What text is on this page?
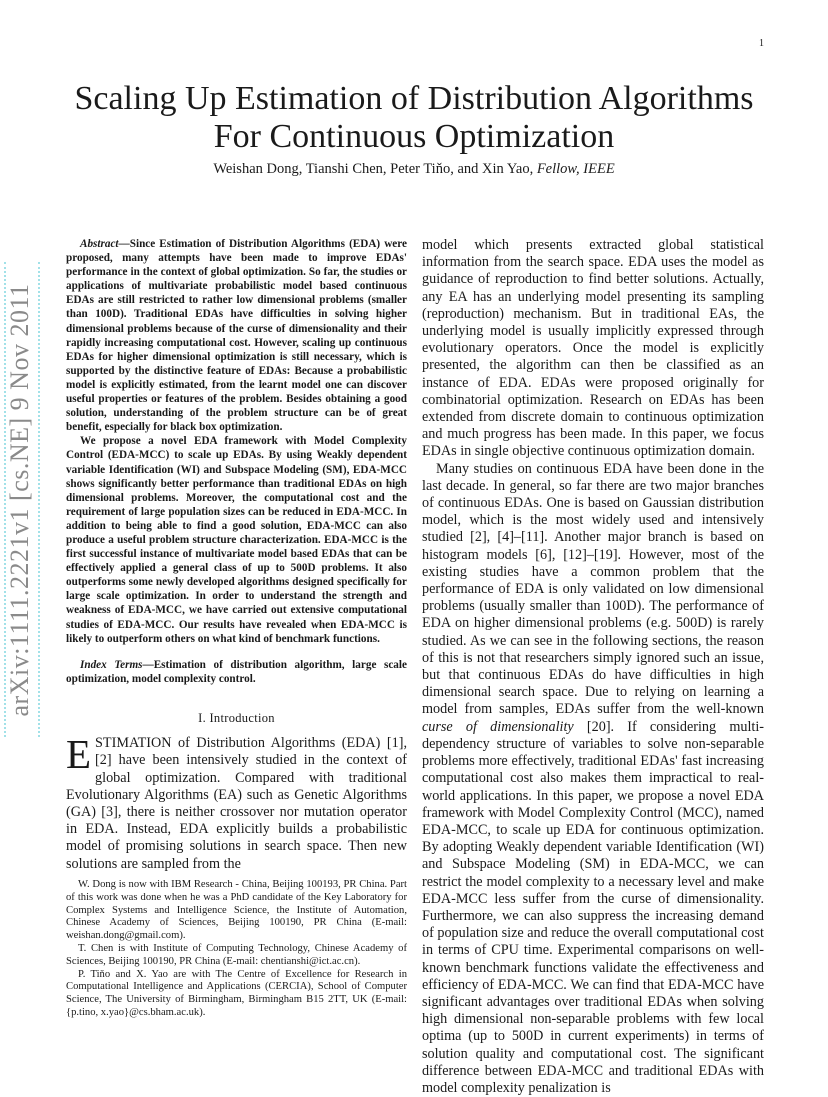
1
arXiv:1111.2221v1 [cs.NE] 9 Nov 2011
Scaling Up Estimation of Distribution Algorithms
For Continuous Optimization
Weishan Dong, Tianshi Chen, Peter Tiňo, and Xin Yao, Fellow, IEEE

Abstract—Since Estimation of Distribution Algorithms (EDA) were proposed, many attempts have been made to improve EDAs' performance in the context of global optimization. So far, the studies or applications of multivariate probabilistic model based continuous EDAs are still restricted to rather low dimensional problems (smaller than 100D). Traditional EDAs have difficulties in solving higher dimensional problems because of the curse of dimensionality and their rapidly increasing computational cost. However, scaling up continuous EDAs for higher dimensional optimization is still necessary, which is supported by the distinctive feature of EDAs: Because a probabilistic model is explicitly estimated, from the learnt model one can discover useful properties or features of the problem. Besides obtaining a good solution, understanding of the problem structure can be of great benefit, especially for black box optimization.

We propose a novel EDA framework with Model Complexity Control (EDA-MCC) to scale up EDAs. By using Weakly dependent variable Identification (WI) and Subspace Modeling (SM), EDA-MCC shows significantly better performance than traditional EDAs on high dimensional problems. Moreover, the computational cost and the requirement of large population sizes can be reduced in EDA-MCC. In addition to being able to find a good solution, EDA-MCC can also produce a useful problem structure characterization. EDA-MCC is the first successful instance of multivariate model based EDAs that can be effectively applied a general class of up to 500D problems. It also outperforms some newly developed algorithms designed specifically for large scale optimization. In order to understand the strength and weakness of EDA-MCC, we have carried out extensive computational studies of EDA-MCC. Our results have revealed when EDA-MCC is likely to outperform others on what kind of benchmark functions.

Index Terms—Estimation of distribution algorithm, large scale optimization, model complexity control.

I. Introduction

ESTIMATION of Distribution Algorithms (EDA) [1], [2] have been intensively studied in the context of global optimization. Compared with traditional Evolutionary Algorithms (EA) such as Genetic Algorithms (GA) [3], there is neither crossover nor mutation operator in EDA. Instead, EDA explicitly builds a probabilistic model of promising solutions in search space. Then new solutions are sampled from the

W. Dong is now with IBM Research - China, Beijing 100193, PR China. Part of this work was done when he was a PhD candidate of the Key Laboratory for Complex Systems and Intelligence Science, the Institute of Automation, Chinese Academy of Sciences, Beijing 100190, PR China (E-mail: weishan.dong@gmail.com).

T. Chen is with Institute of Computing Technology, Chinese Academy of Sciences, Beijing 100190, PR China (E-mail: chentianshi@ict.ac.cn).

P. Tiňo and X. Yao are with The Centre of Excellence for Research in Computational Intelligence and Applications (CERCIA), School of Computer Science, The University of Birmingham, Birmingham B15 2TT, UK (E-mail: {p.tino, x.yao}@cs.bham.ac.uk).

model which presents extracted global statistical information from the search space. EDA uses the model as guidance of reproduction to find better solutions. Actually, any EA has an underlying model presenting its sampling (reproduction) mechanism. But in traditional EAs, the underlying model is usually implicitly expressed through evolutionary operators. Once the model is explicitly presented, the algorithm can then be classified as an instance of EDA. EDAs were proposed originally for combinatorial optimization. Research on EDAs has been extended from discrete domain to continuous optimization and much progress has been made. In this paper, we focus EDAs in single objective continuous optimization domain.

Many studies on continuous EDA have been done in the last decade. In general, so far there are two major branches of continuous EDAs. One is based on Gaussian distribution model, which is the most widely used and intensively studied [2], [4]–[11]. Another major branch is based on histogram models [6], [12]–[19]. However, most of the existing studies have a common problem that the performance of EDA is only validated on low dimensional problems (usually smaller than 100D). The performance of EDA on higher dimensional problems (e.g. 500D) is rarely studied. As we can see in the following sections, the reason of this is not that researchers simply ignored such an issue, but that continuous EDAs do have difficulties in high dimensional search space. Due to relying on learning a model from samples, EDAs suffer from the well-known curse of dimensionality [20]. If considering multi-dependency structure of variables to solve non-separable problems more effectively, traditional EDAs' fast increasing computational cost also makes them impractical to real-world applications. In this paper, we propose a novel EDA framework with Model Complexity Control (MCC), named EDA-MCC, to scale up EDA for continuous optimization. By adopting Weakly dependent variable Identification (WI) and Subspace Modeling (SM) in EDA-MCC, we can restrict the model complexity to a necessary level and make EDA-MCC less suffer from the curse of dimensionality. Furthermore, we can also suppress the increasing demand of population size and reduce the overall computational cost in terms of CPU time. Experimental comparisons on well-known benchmark functions validate the effectiveness and efficiency of EDA-MCC. We can find that EDA-MCC have significant advantages over traditional EDAs when solving high dimensional non-separable problems with few local optima (up to 500D in current experiments) in terms of solution quality and computational cost. The significant difference between EDA-MCC and traditional EDAs with model complexity penalization is
